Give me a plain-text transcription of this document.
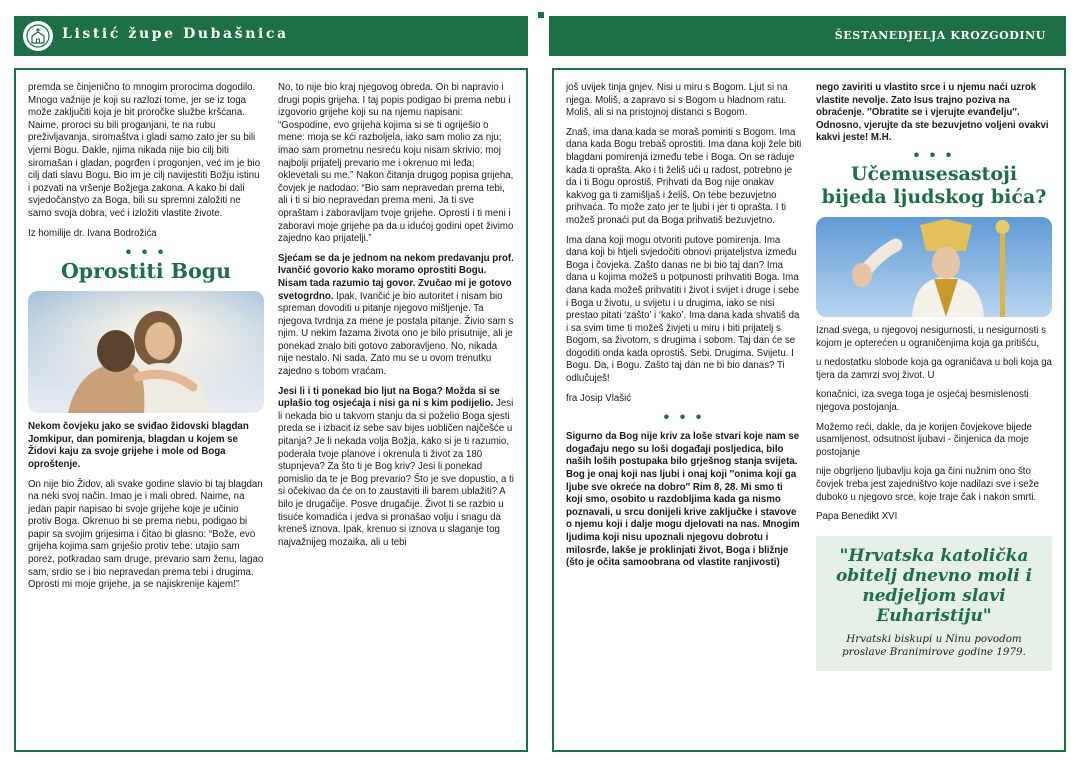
Listić župe Dubašnica	ŠESTANEDJELJA KROZGODINU

premda se činjenično to mnogim prorocima dogodilo. Mnogo važnije je koji su razlozi tome, jer se iz toga može zaključiti koja je bit proročke službe kršćana. Naime, proroci su bili proganjani, te na rubu preživljavanja, siromaštva i gladi samo zato jer su bili vjerni Bogu. Dakle, njima nikada nije bio cilj biti siromašan i gladan, pogrđen i progonjen, već im je bio cilj dati slavu Bogu. Bio im je cilj navijestiti Božju istinu i pozvati na vršenje Božjega zakona. A kako bi dali svjedočanstvo za Boga, bili su spremni založiti ne samo svoja dobra, već i izložiti vlastite živote.

Iz homilije dr. Ivana Bodrožića

• • •
Oprostiti Bogu

Nekom čovjeku jako se sviđao židovski blagdan Jomkipur, dan pomirenja, blagdan u kojem se Židovi kaju za svoje grijehe i mole od Boga oproštenje.

On nije bio Židov, ali svake godine slavio bi taj blagdan na neki svoj način. Imao je i mali obred. Naime, na jedan papir napisao bi svoje grijehe koje je učinio protiv Boga. Okrenuo bi se prema nebu, podigao bi papir sa svojim grijesima i čitao bi glasno: “Bože, evo grijeha kojima sam griješio protiv tebe: utajio sam porez, potkradao sam druge, prevario sam ženu, lagao sam, srdio se i bio nepravedan prema tebi i drugima. Oprosti mi moje grijehe, ja se najiskrenije kajem!”

No, to nije bio kraj njegovog obreda. On bi napravio i drugi popis grijeha. I taj popis podigao bi prema nebu i izgovorio grijehe koji su na njemu napisani: “Gospodine, evo grijeha kojima si se ti ogriješio o mene: moja se kći razboljela, iako sam molio za nju; imao sam prometnu nesreću koju nisam skrivio; moj najbolji prijatelj prevario me i okrenuo mi leđa; oklevetali su me.” Nakon čitanja drugog popisa grijeha, čovjek je nadodao: “Bio sam nepravedan prema tebi, ali i ti si bio nepravedan prema meni. Ja ti sve opraštam i zaboravljam tvoje grijehe. Oprosti i ti meni i zaboravi moje grijehe pa da u idućoj godini opet živimo zajedno kao prijatelji.”

Sjećam se da je jednom na nekom predavanju prof. Ivančić govorio kako moramo oprostiti Bogu. Nisam tada razumio taj govor. Zvučao mi je gotovo svetogrdno. Ipak, Ivančić je bio autoritet i nisam bio spreman dovoditi u pitanje njegovo mišljenje. Ta njegova tvrdnja za mene je postala pitanje. Živio sam s njim. U nekim fazama života ono je bilo prisutnije, ali je ponekad znalo biti gotovo zaboravljeno. No, nikada nije nestalo. Ni sada. Zato mu se u ovom trenutku zajedno s tobom vraćam.

Jesi li i ti ponekad bio ljut na Boga? Možda si se uplašio tog osjećaja i nisi ga ni s kim podijelio. Jesi li nekada bio u takvom stanju da si poželio Boga sjesti preda se i izbacit iz sebe sav bijes uobličen najčešće u pitanja? Je li nekada volja Božja, kako si je ti razumio, poderala tvoje planove i okrenula ti život za 180 stupnjeva? Za što ti je Bog kriv? Jesi li ponekad pomislio da te je Bog prevario? Što je sve dopustio, a ti si očekivao da će on to zaustaviti ili barem ublažiti? A bilo je drugačije. Posve drugačije. Život ti se razbio u tisuće komadića i jedva si pronašao volju i snagu da kreneš iznova. Ipak, krenuo si iznova u slaganje tog najvažnijeg mozaika, ali u tebi

još uvijek tinja gnjev. Nisi u miru s Bogom. Ljut si na njega. Moliš, a zapravo si s Bogom u hladnom ratu. Moliš, ali si na pristojnoj distanci s Bogom.

Znaš, ima dana kada se moraš pomiriti s Bogom. Ima dana kada Bogu trebaš oprostiti. Ima dana koji žele biti blagdani pomirenja između tebe i Boga. On se raduje kada ti oprašta. Ako i ti želiš ući u radost, potrebno je da i ti Bogu oprostiš. Prihvati da Bog nije onakav kakvog ga ti zamišljaš i želiš. On tebe bezuvjetno prihvaća. To može zato jer te ljubi i jer ti oprašta. I ti možeš pronaći put da Boga prihvatiš bezuvjetno.

Ima dana koji mogu otvoriti putove pomirenja. Ima dana koji bi htjeli svjedočiti obnovi prijateljstva između Boga i čovjeka. Zašto danas ne bi bio taj dan? Ima dana u kojima možeš u potpunosti prihvatiti Boga. Ima dana kada možeš prihvatiti i život i svijet i druge i sebe i Boga u životu, u svijetu i u drugima, iako se nisi prestao pitati ‘zašto’ i ‘kako’. Ima dana kada shvatiš da i sa svim time ti možeš živjeti u miru i biti prijatelj s Bogom, sa životom, s drugima i sobom. Taj dan će se dogoditi onda kada oprostiš. Sebi. Drugima. Svijetu. I Bogu. Da, i Bogu. Zašto taj dan ne bi bio danas? Ti odlučuješ!

fra Josip Vlašić

• • •

Sigurno da Bog nije kriv za loše stvari koje nam se događaju nego su loši događaji posljedica, bilo naših loših postupaka bilo grješnog stanja svijeta. Bog je onaj koji nas ljubi i onaj koji ″onima koji ga ljube sve okreće na dobro″ Rim 8, 28. Mi smo ti koji smo, osobito u razdobljima kada ga nismo poznavali, u srcu donijeli krive zaključke i stavove o njemu koji i dalje mogu djelovati na nas. Mnogim ljudima koji nisu upoznali njegovu dobrotu i milosrđe, lakše je proklinjati život, Boga i bližnje (što je očita samoobrana od vlastite ranjivosti)

nego zaviriti u vlastito srce i u njemu naći uzrok vlastite nevolje. Zato Isus trajno poziva na obraćenje. ″Obratite se i vjerujte evanđelju″. Odnosno, vjerujte da ste bezuvjetno voljeni ovakvi kakvi jeste! M.H.

• • •
Učemusesastoji
bijeda ljudskog bića?

Iznad svega, u njegovoj nesigurnosti, u nesigurnosti s kojom je opterećen u ograničenjima koja ga pritišću,

u nedostatku slobode koja ga ograničava u boli koja ga tjera da zamrzi svoj život. U

konačnici, iza svega toga je osjećaj besmislenosti njegova postojanja.

Možemo reći, dakle, da je korijen čovjekove bijede usamljenost, odsutnost ljubavi - činjenica da moje postojanje

nije obgrljeno ljubavlju koja ga čini nužnim ono što čovjek treba jest zajedništvo koje nadilazi sve i seže duboko u njegovo srce, koje traje čak i nakon smrti.

Papa Benedikt XVI

"Hrvatska katolička obitelj dnevno moli i nedjeljom slavi Euharistiju"
Hrvatski biskupi u Ninu povodom proslave Branimirove godine 1979.
